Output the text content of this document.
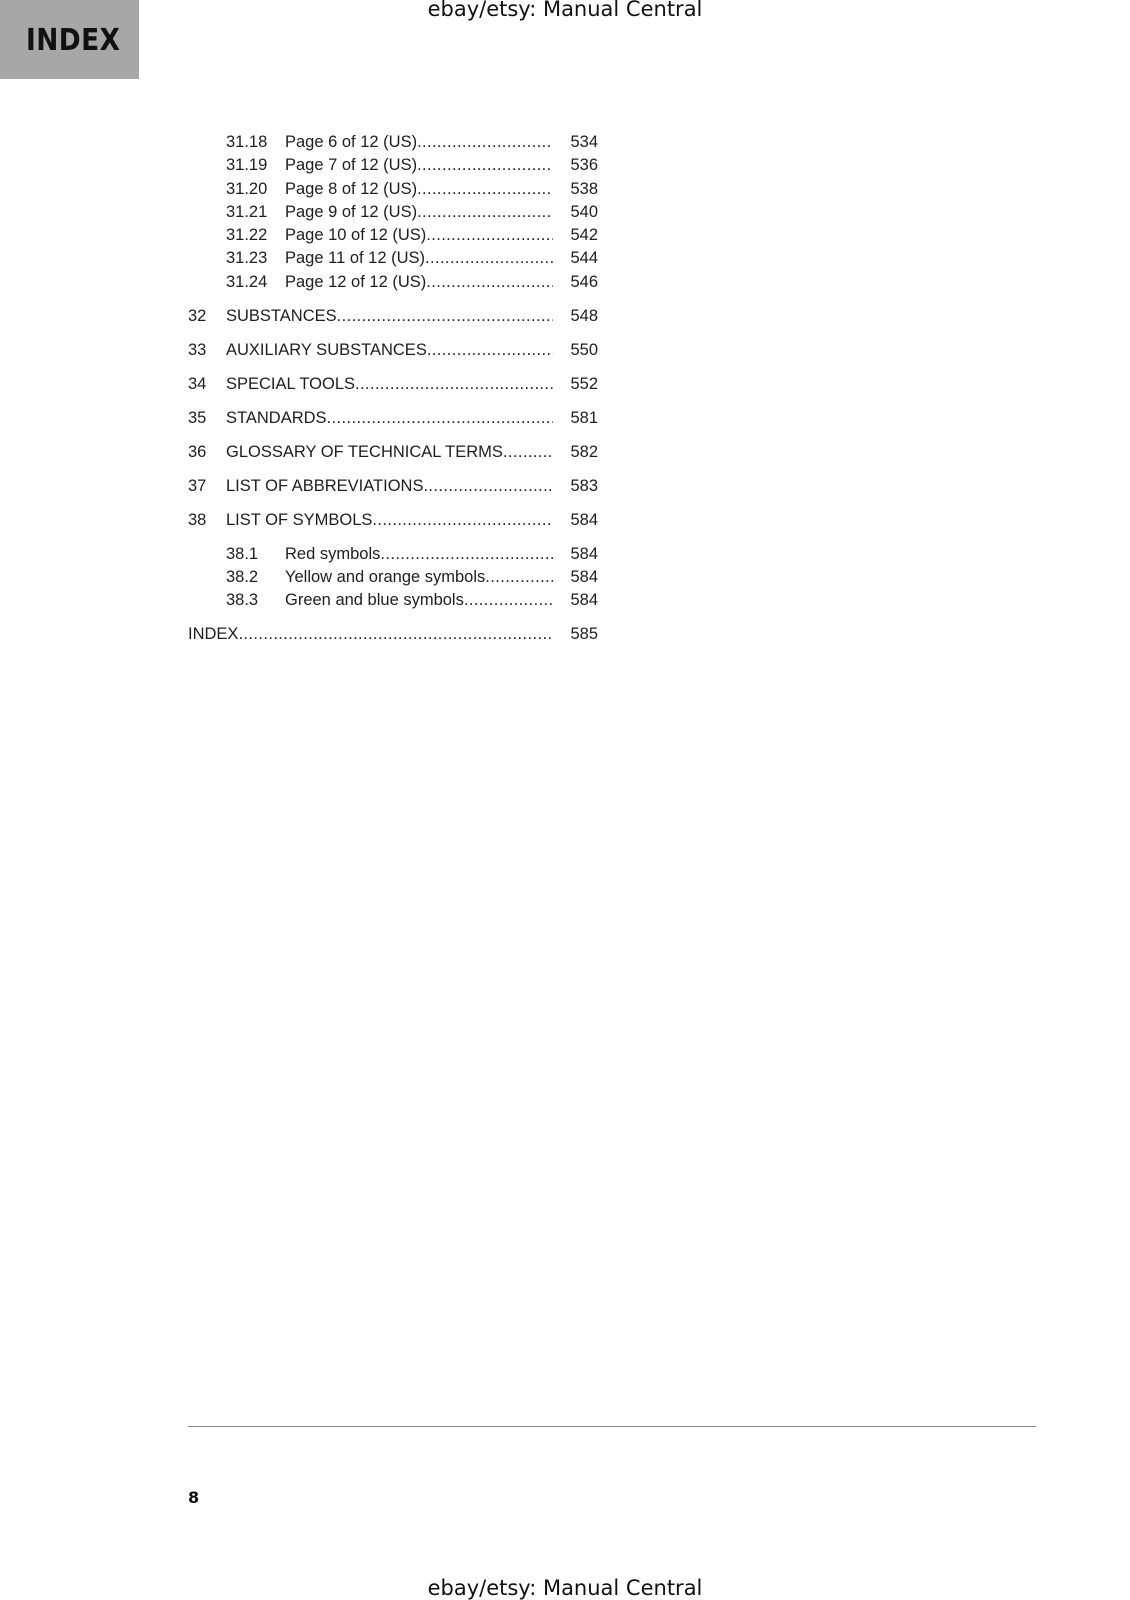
INDEX
ebay/etsy: Manual Central
31.18 Page 6 of 12 (US) .....	534
31.19 Page 7 of 12 (US) .....	536
31.20 Page 8 of 12 (US) .....	538
31.21 Page 9 of 12 (US) .....	540
31.22 Page 10 of 12 (US) .....	542
31.23 Page 11 of 12 (US) .....	544
31.24 Page 12 of 12 (US) .....	546
32 SUBSTANCES .....	548
33 AUXILIARY SUBSTANCES .....	550
34 SPECIAL TOOLS .....	552
35 STANDARDS .....	581
36 GLOSSARY OF TECHNICAL TERMS .....	582
37 LIST OF ABBREVIATIONS .....	583
38 LIST OF SYMBOLS .....	584
38.1 Red symbols .....	584
38.2 Yellow and orange symbols .....	584
38.3 Green and blue symbols .....	584
INDEX .....	585
8
ebay/etsy: Manual Central
